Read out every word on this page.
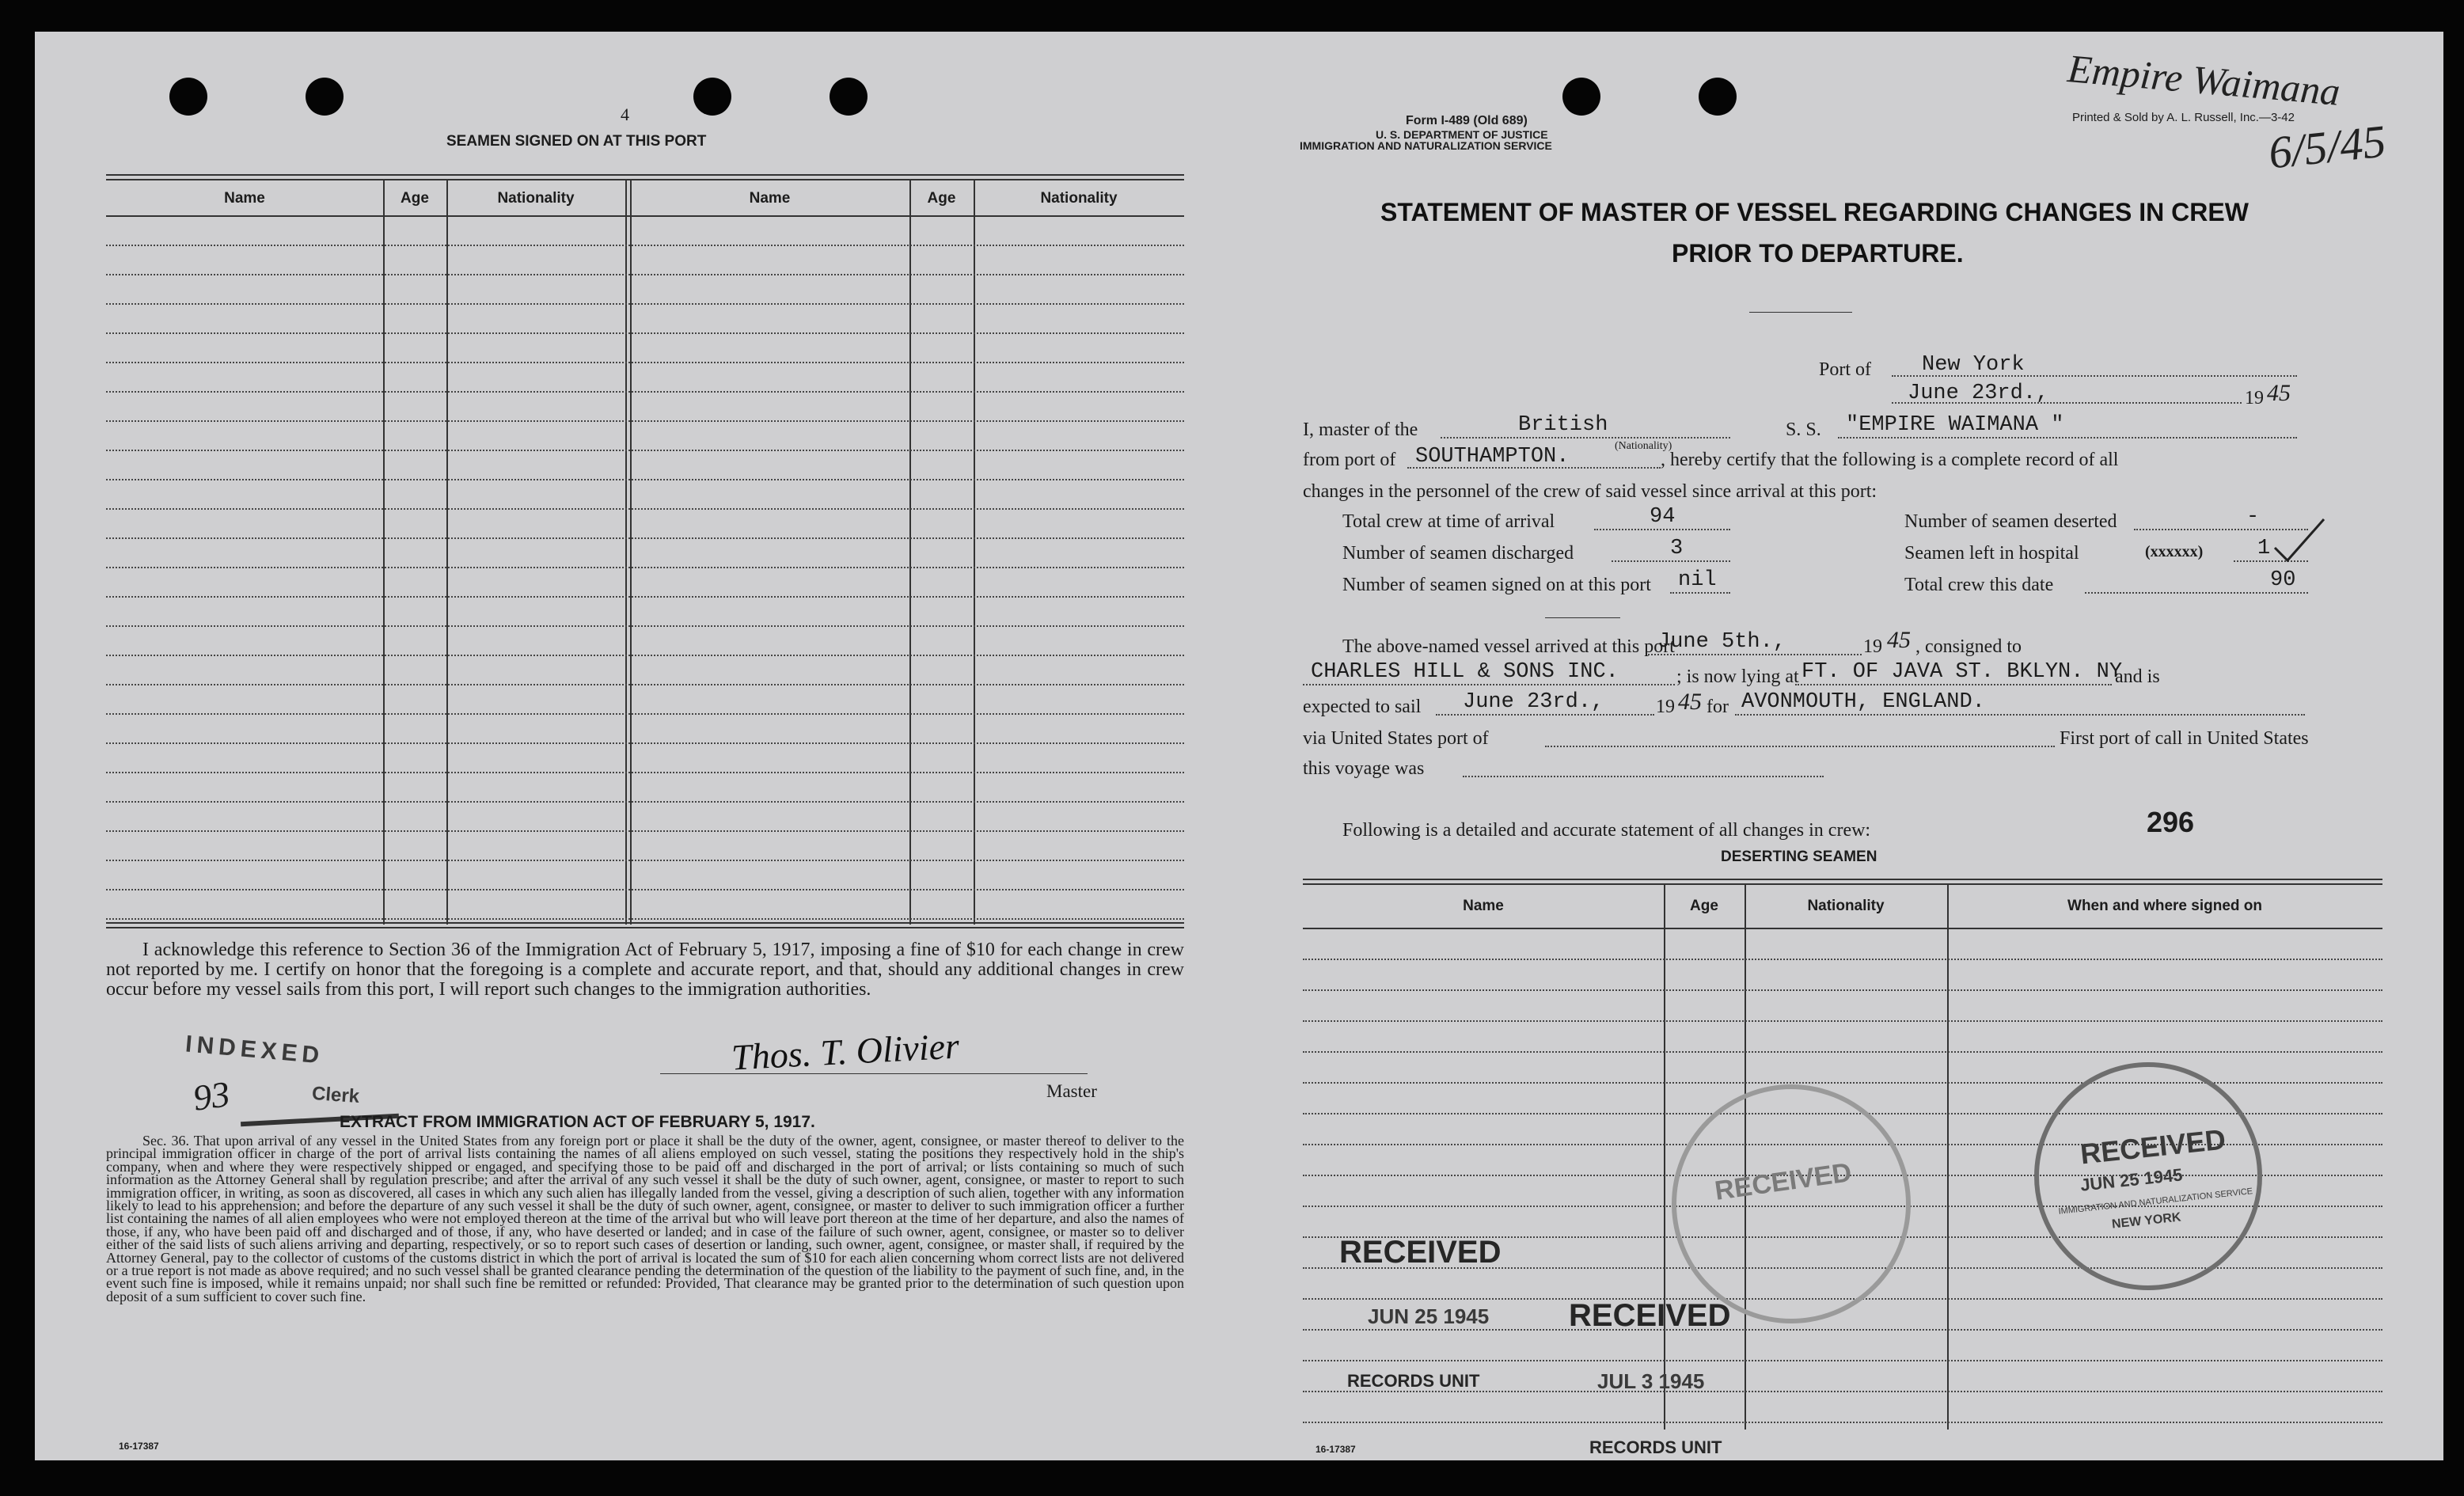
4
SEAMEN SIGNED ON AT THIS PORT
Name	Age	Nationality	Name	Age	Nationality
I acknowledge this reference to Section 36 of the Immigration Act of February 5, 1917, imposing a fine of $10 for each change in crew not reported by me. I certify on honor that the foregoing is a complete and accurate report, and that, should any additional changes in crew occur before my vessel sails from this port, I will report such changes to the immigration authorities.
Thos. T. Olivier
Master
INDEXED
93	Clerk
EXTRACT FROM IMMIGRATION ACT OF FEBRUARY 5, 1917.
Sec. 36. That upon arrival of any vessel in the United States from any foreign port or place it shall be the duty of the owner, agent, consignee, or master thereof to deliver to the principal immigration officer in charge of the port of arrival lists containing the names of all aliens employed on such vessel, stating the positions they respectively hold in the ship's company, when and where they were respectively shipped or engaged, and specifying those to be paid off and discharged in the port of arrival; or lists containing so much of such information as the Attorney General shall by regulation prescribe; and after the arrival of any such vessel it shall be the duty of such owner, agent, consignee, or master to report to such immigration officer, in writing, as soon as discovered, all cases in which any such alien has illegally landed from the vessel, giving a description of such alien, together with any information likely to lead to his apprehension; and before the departure of any such vessel it shall be the duty of such owner, agent, consignee, or master to deliver to such immigration officer a further list containing the names of all alien employees who were not employed thereon at the time of the arrival but who will leave port thereon at the time of her departure, and also the names of those, if any, who have been paid off and discharged and of those, if any, who have deserted or landed; and in case of the failure of such owner, agent, consignee, or master so to deliver either of the said lists of such aliens arriving and departing, respectively, or so to report such cases of desertion or landing, such owner, agent, consignee, or master shall, if required by the Attorney General, pay to the collector of customs of the customs district in which the port of arrival is located the sum of $10 for each alien concerning whom correct lists are not delivered or a true report is not made as above required; and no such vessel shall be granted clearance pending the determination of the question of the liability to the payment of such fine, and, in the event such fine is imposed, while it remains unpaid; nor shall such fine be remitted or refunded: Provided, That clearance may be granted prior to the determination of such question upon deposit of a sum sufficient to cover such fine.
16-17387
Form I-489 (Old 689)
U. S. DEPARTMENT OF JUSTICE
IMMIGRATION AND NATURALIZATION SERVICE
Printed & Sold by A. L. Russell, Inc.—3-42
Empire Waimana
6/5/45
STATEMENT OF MASTER OF VESSEL REGARDING CHANGES IN CREW
PRIOR TO DEPARTURE.
Port of New York
June 23rd.,	19 45
I, master of the	British
(Nationality)
S. S. "EMPIRE WAIMANA "
from port of SOUTHAMPTON.	, hereby certify that the following is a complete record of all
changes in the personnel of the crew of said vessel since arrival at this port:
Total crew at time of arrival	94	Number of seamen deserted	-
Number of seamen discharged	3	Seamen left in hospital	(xxxxxx)	1
Number of seamen signed on at this port nil	Total crew this date	90
The above-named vessel arrived at this port
June 5th.,	19 45 , consigned to
CHARLES HILL & SONS INC.	; is now lying at FT. OF JAVA ST. BKLYN. NY
and is
expected to sail June 23rd.,	19 45 for AVONMOUTH, ENGLAND.
via United States port of	First port of call in United States
this voyage was
Following is a detailed and accurate statement of all changes in crew:	296
DESERTING SEAMEN
Name	Age	Nationality	When and where signed on
RECEIVED
RECEIVED
JUN 25 1945
IMMIGRATION AND NATURALIZATION SERVICE
NEW YORK
RECEIVED
JUN 25 1945	RECEIVED
RECORDS UNIT	JUL 3 1945
RECORDS UNIT
16-17387
